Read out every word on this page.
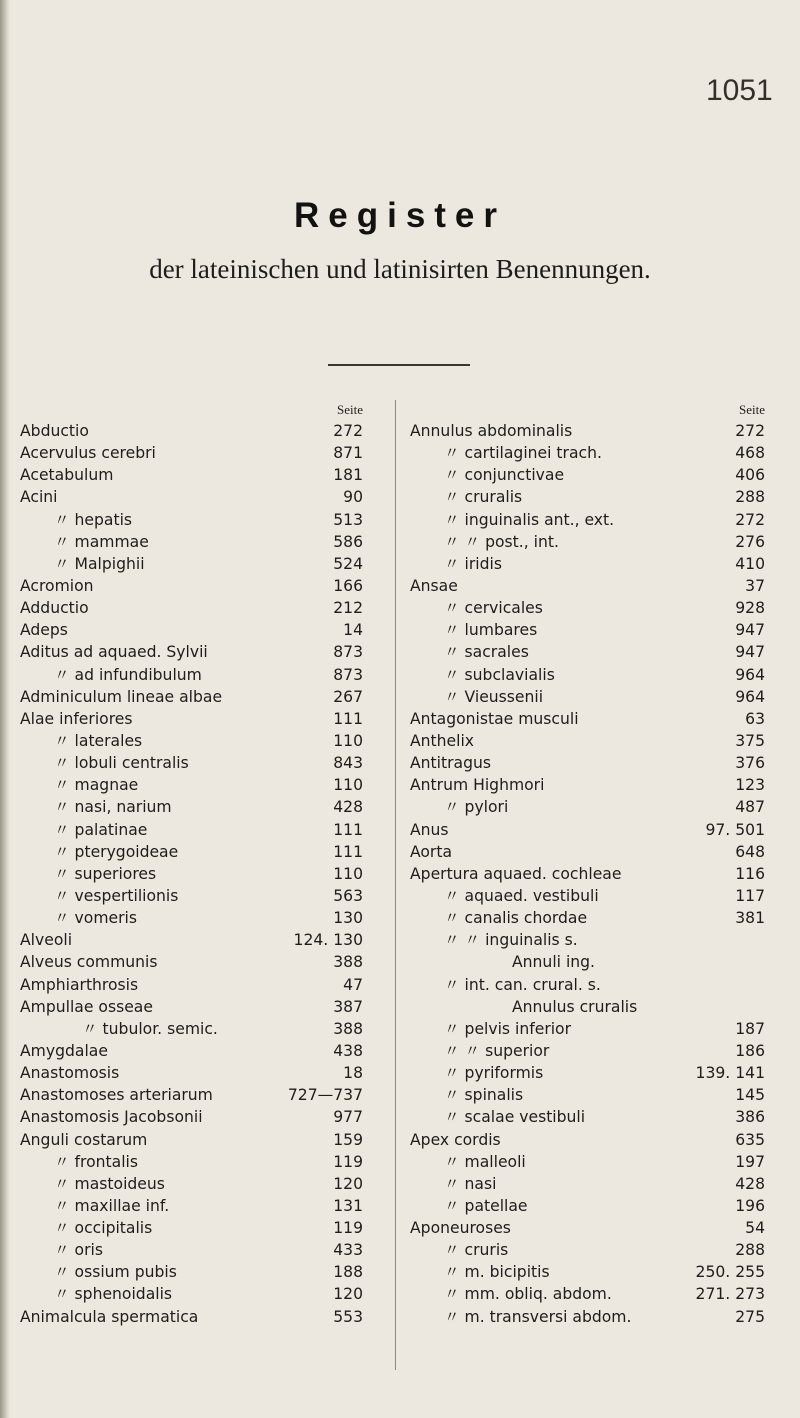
1051
Register
der lateinischen und latinisirten Benennungen.
Seite
Abductio	272
Acervulus cerebri	871
Acetabulum	181
Acini	90
〃 hepatis	513
〃 mammae	586
〃 Malpighii	524
Acromion	166
Adductio	212
Adeps	14
Aditus ad aquaed. Sylvii	873
〃 ad infundibulum	873
Adminiculum lineae albae	267
Alae inferiores	111
〃 laterales	110
〃 lobuli centralis	843
〃 magnae	110
〃 nasi, narium	428
〃 palatinae	111
〃 pterygoideae	111
〃 superiores	110
〃 vespertilionis	563
〃 vomeris	130
Alveoli	124. 130
Alveus communis	388
Amphiarthrosis	47
Ampullae osseae	387
〃 tubulor. semic.	388
Amygdalae	438
Anastomosis	18
Anastomoses arteriarum	727—737
Anastomosis Jacobsonii	977
Anguli costarum	159
〃 frontalis	119
〃 mastoideus	120
〃 maxillae inf.	131
〃 occipitalis	119
〃 oris	433
〃 ossium pubis	188
〃 sphenoidalis	120
Animalcula spermatica	553
Seite
Annulus abdominalis	272
〃 cartilaginei trach.	468
〃 conjunctivae	406
〃 cruralis	288
〃 inguinalis ant., ext.	272
〃 〃 post., int.	276
〃 iridis	410
Ansae	37
〃 cervicales	928
〃 lumbares	947
〃 sacrales	947
〃 subclavialis	964
〃 Vieussenii	964
Antagonistae musculi	63
Anthelix	375
Antitragus	376
Antrum Highmori	123
〃 pylori	487
Anus	97. 501
Aorta	648
Apertura aquaed. cochleae	116
〃 aquaed. vestibuli	117
〃 canalis chordae	381
〃 〃 inguinalis s.
Annuli ing.
〃 int. can. crural. s.
Annulus cruralis
〃 pelvis inferior	187
〃 〃 superior	186
〃 pyriformis	139. 141
〃 spinalis	145
〃 scalae vestibuli	386
Apex cordis	635
〃 malleoli	197
〃 nasi	428
〃 patellae	196
Aponeuroses	54
〃 cruris	288
〃 m. bicipitis	250. 255
〃 mm. obliq. abdom.	271. 273
〃 m. transversi abdom.	275
